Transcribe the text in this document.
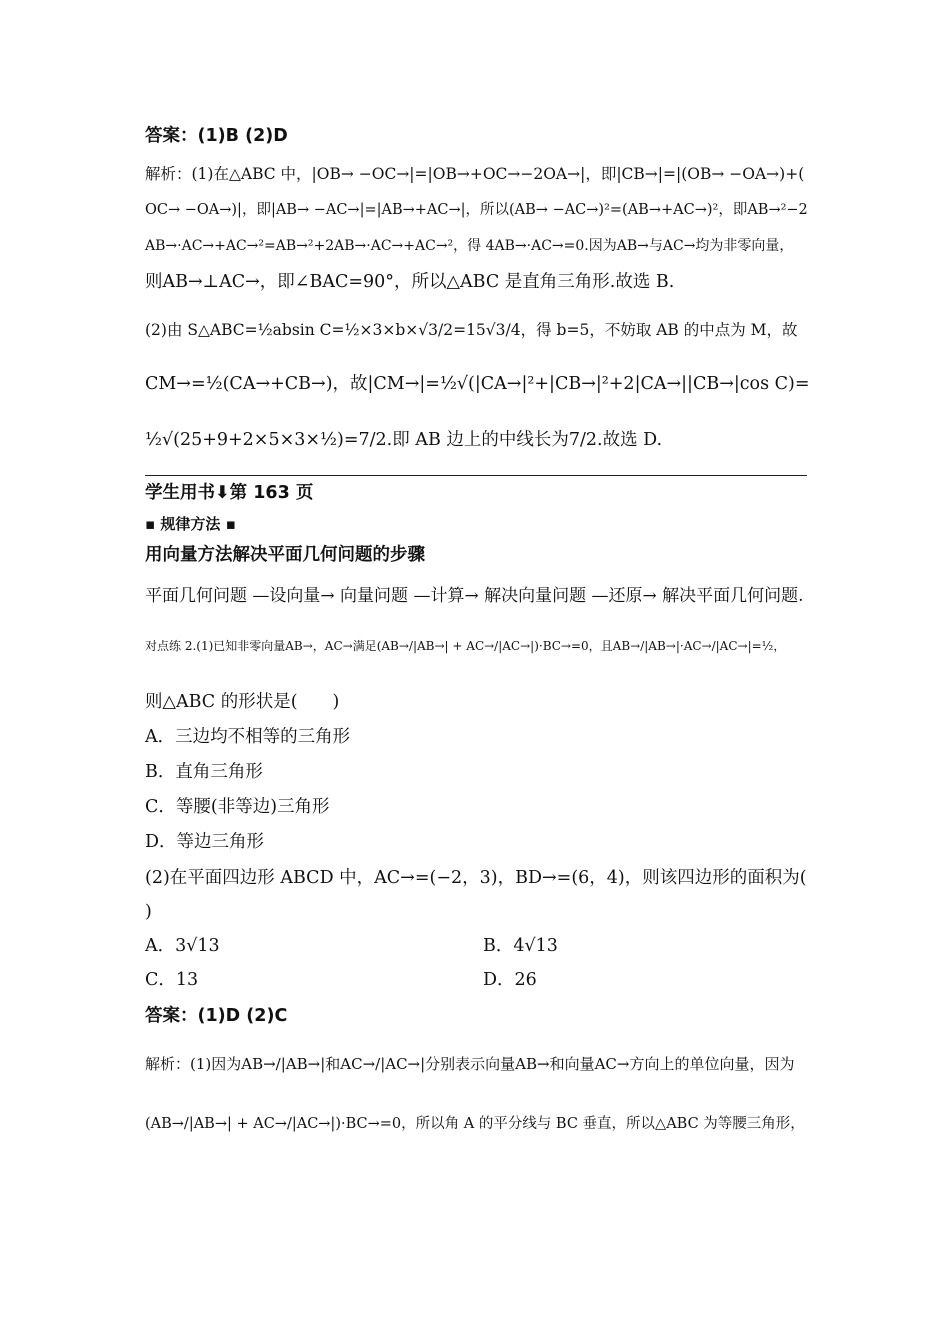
答案：(1)B (2)D
解析：(1)在△ABC 中，|OB→ −OC→|=|OB→+OC→−2OA→|，即|CB→|=|(OB→ −OA→)+(
OC→ −OA→)|，即|AB→ −AC→|=|AB→+AC→|，所以(AB→ −AC→)²=(AB→+AC→)²，即AB→²−2
AB→·AC→+AC→²=AB→²+2AB→·AC→+AC→²，得 4AB→·AC→=0.因为AB→与AC→均为非零向量，
则AB→⊥AC→，即∠BAC=90°，所以△ABC 是直角三角形.故选 B.
(2)由 S△ABC=½absin C=½×3×b×√3/2=15√3/4，得 b=5，不妨取 AB 的中点为 M，故
CM→=½(CA→+CB→)，故|CM→|=½√(|CA→|²+|CB→|²+2|CA→||CB→|cos C)=
½√(25+9+2×5×3×½)=7/2.即 AB 边上的中线长为7/2.故选 D.
学生用书⬇第 163 页
▪ 规律方法 ▪
用向量方法解决平面几何问题的步骤
平面几何问题 —设向量→ 向量问题 —计算→ 解决向量问题 —还原→ 解决平面几何问题.
对点练 2.(1)已知非零向量AB→，AC→满足(AB→/|AB→| + AC→/|AC→|)·BC→=0，且AB→/|AB→|·AC→/|AC→|=½，
则△ABC 的形状是(　　)
A．三边均不相等的三角形
B．直角三角形
C．等腰(非等边)三角形
D．等边三角形
(2)在平面四边形 ABCD 中，AC→=(−2，3)，BD→=(6，4)，则该四边形的面积为(
)
A．3√13	B．4√13
C．13	D．26
答案：(1)D (2)C
解析：(1)因为AB→/|AB→|和AC→/|AC→|分别表示向量AB→和向量AC→方向上的单位向量，因为
(AB→/|AB→| + AC→/|AC→|)·BC→=0，所以角 A 的平分线与 BC 垂直，所以△ABC 为等腰三角形，
